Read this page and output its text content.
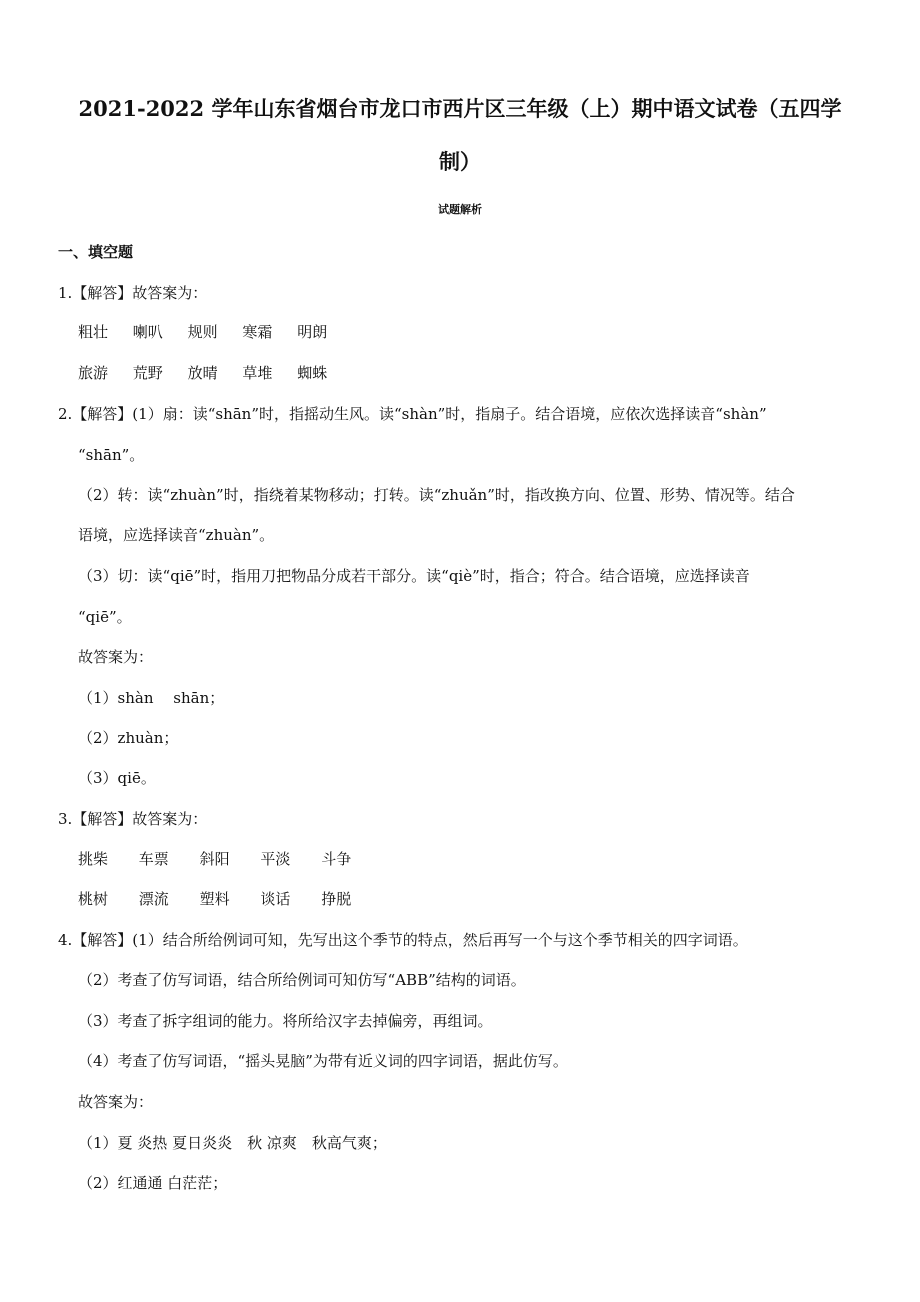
2021-2022 学年山东省烟台市龙口市西片区三年级（上）期中语文试卷（五四学
制）
试题解析
一、填空题
1.【解答】故答案为：
粗壮 喇叭 规则 寒霜 明朗
旅游 荒野 放晴 草堆 蜘蛛
2.【解答】(1）扇：读“shān”时，指摇动生风。读“shàn”时，指扇子。结合语境，应依次选择读音“shàn”
“shān”。
（2）转：读“zhuàn”时，指绕着某物移动；打转。读“zhuǎn”时，指改换方向、位置、形势、情况等。结合
语境，应选择读音“zhuàn”。
（3）切：读“qiē”时，指用刀把物品分成若干部分。读“qiè”时，指合；符合。结合语境，应选择读音
“qiē”。
故答案为：
（1）shàn　 shān；
（2）zhuàn；
（3）qiē。
3.【解答】故答案为：
挑柴 车票 斜阳 平淡 斗争
桃树 漂流 塑料 谈话 挣脱
4.【解答】(1）结合所给例词可知，先写出这个季节的特点，然后再写一个与这个季节相关的四字词语。
（2）考查了仿写词语，结合所给例词可知仿写“ABB”结构的词语。
（3）考查了拆字组词的能力。将所给汉字去掉偏旁，再组词。
（4）考查了仿写词语，“摇头晃脑”为带有近义词的四字词语，据此仿写。
故答案为：
（1）夏 炎热 夏日炎炎　秋 凉爽　秋高气爽；
（2）红通通 白茫茫；
